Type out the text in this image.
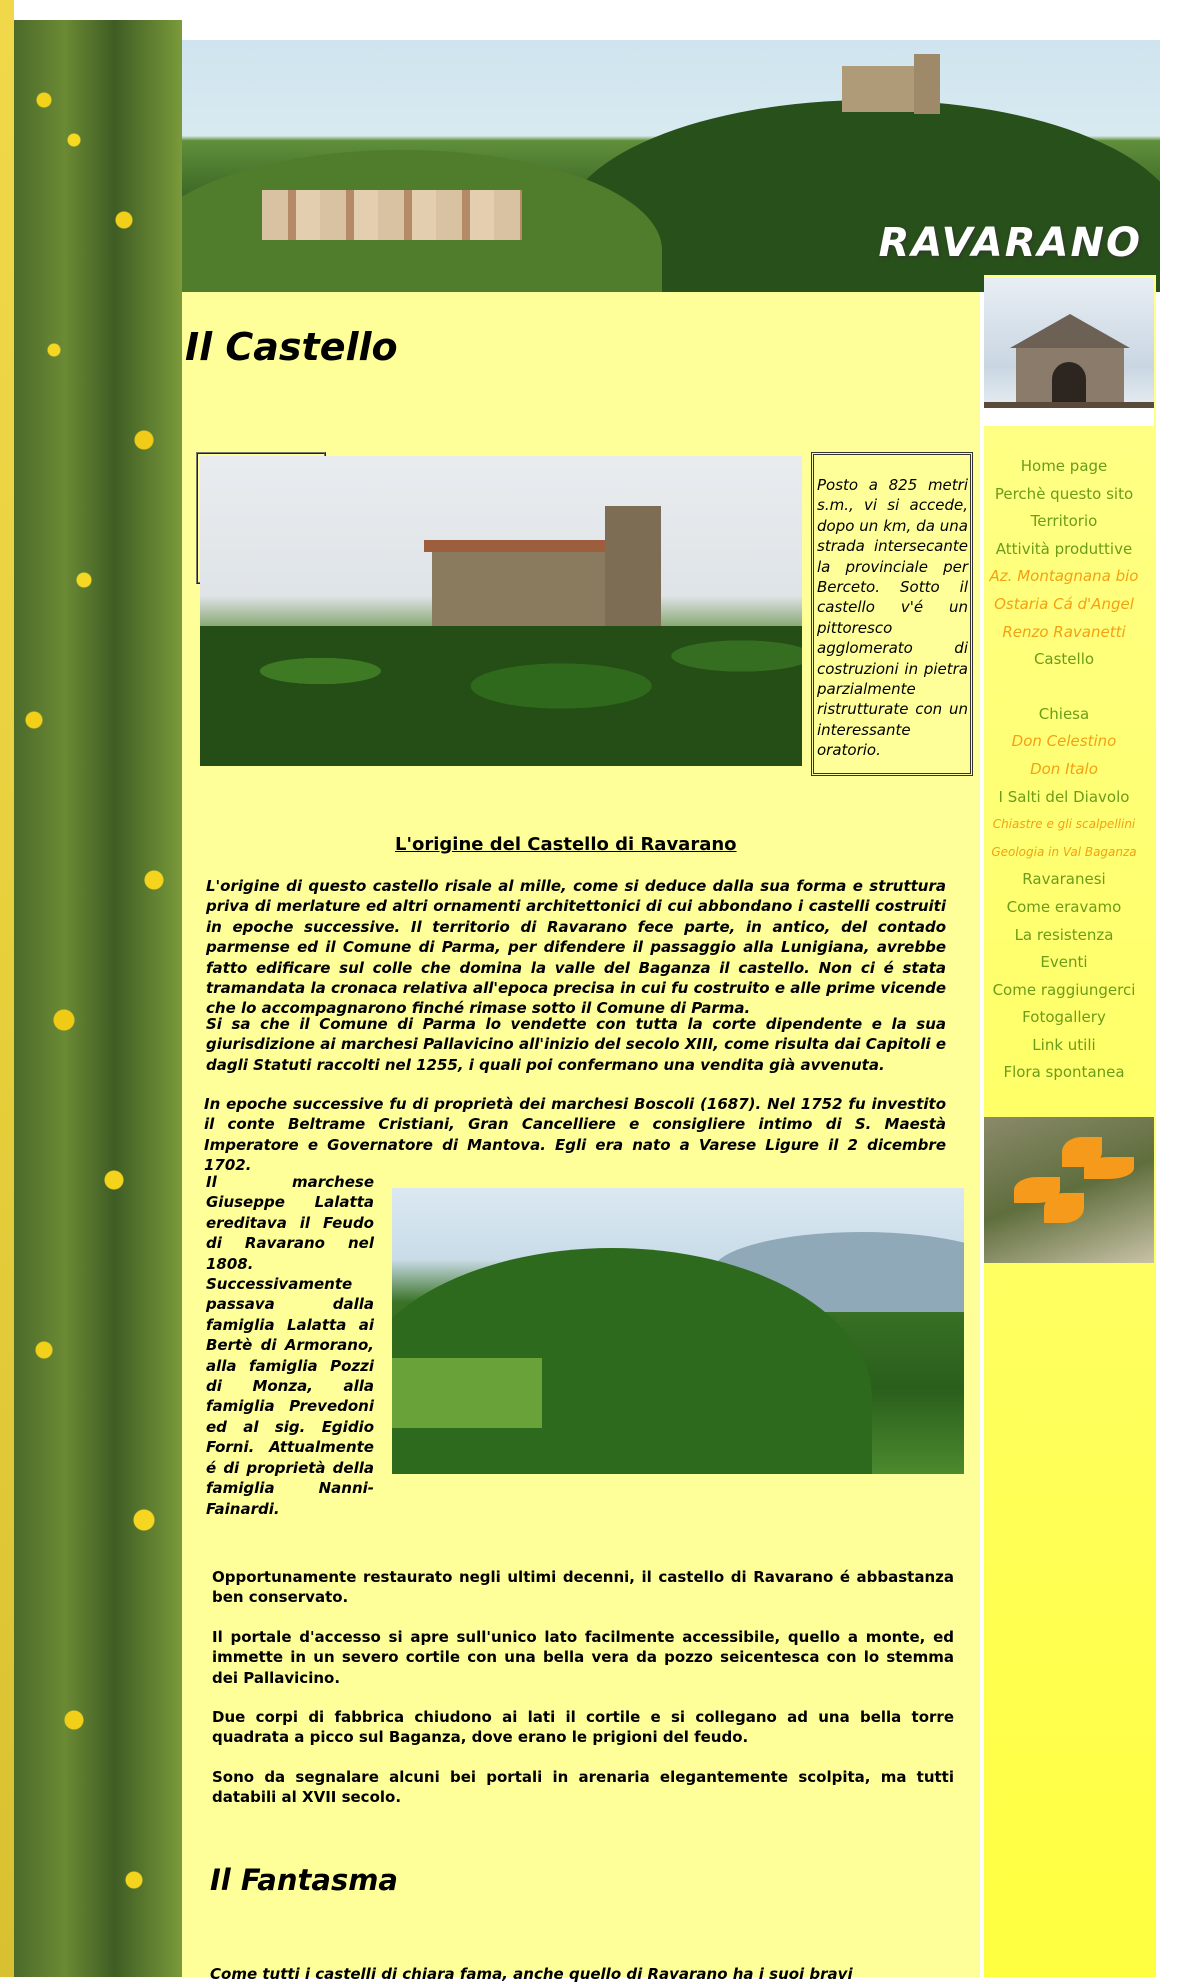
RAVARANO
Home page
Perchè questo sito
Territorio
Attività produttive
Az. Montagnana bio
Ostaria Cá d'Angel
Renzo Ravanetti
Castello
Chiesa
Don Celestino
Don Italo
I Salti del Diavolo
Chiastre e gli scalpellini
Geologia in Val Baganza
Ravaranesi
Come eravamo
La resistenza
Eventi
Come raggiungerci
Fotogallery
Link utili
Flora spontanea
Il Castello

Posto a 825 metri s.m., vi si accede, dopo un km, da una strada intersecante la provinciale per Berceto. Sotto il castello v'é un pittoresco agglomerato di costruzioni in pietra parzialmente ristrutturate con un interessante oratorio.

L'origine del Castello di Ravarano

L'origine di questo castello risale al mille, come si deduce dalla sua forma e struttura priva di merlature ed altri ornamenti architettonici di cui abbondano i castelli costruiti in epoche successive. Il territorio di Ravarano fece parte, in antico, del contado parmense ed il Comune di Parma, per difendere il passaggio alla Lunigiana, avrebbe fatto edificare sul colle che domina la valle del Baganza il castello. Non ci é stata tramandata la cronaca relativa all'epoca precisa in cui fu costruito e alle prime vicende che lo accompagnarono finché rimase sotto il Comune di Parma.

Si sa che il Comune di Parma lo vendette con tutta la corte dipendente e la sua giurisdizione ai marchesi Pallavicino all'inizio del secolo XIII, come risulta dai Capitoli e dagli Statuti raccolti nel 1255, i quali poi confermano una vendita già avvenuta.

In epoche successive fu di proprietà dei marchesi Boscoli (1687). Nel 1752 fu investito il conte Beltrame Cristiani, Gran Cancelliere e consigliere intimo di S. Maestà Imperatore e Governatore di Mantova. Egli era nato a Varese Ligure il 2 dicembre 1702.

Il marchese Giuseppe Lalatta ereditava il Feudo di Ravarano nel 1808. Successivamente passava dalla famiglia Lalatta ai Bertè di Armorano, alla famiglia Pozzi di Monza, alla famiglia Prevedoni ed al sig. Egidio Forni. Attualmente é di proprietà della famiglia Nanni-Fainardi.

Opportunamente restaurato negli ultimi decenni, il castello di Ravarano é abbastanza ben conservato.

Il portale d'accesso si apre sull'unico lato facilmente accessibile, quello a monte, ed immette in un severo cortile con una bella vera da pozzo seicentesca con lo stemma dei Pallavicino.

Due corpi di fabbrica chiudono ai lati il cortile e si collegano ad una bella torre quadrata a picco sul Baganza, dove erano le prigioni del feudo.

Sono da segnalare alcuni bei portali in arenaria elegantemente scolpita, ma tutti databili al XVII secolo.

Il Fantasma

Come tutti i castelli di chiara fama, anche quello di Ravarano ha i suoi bravi
